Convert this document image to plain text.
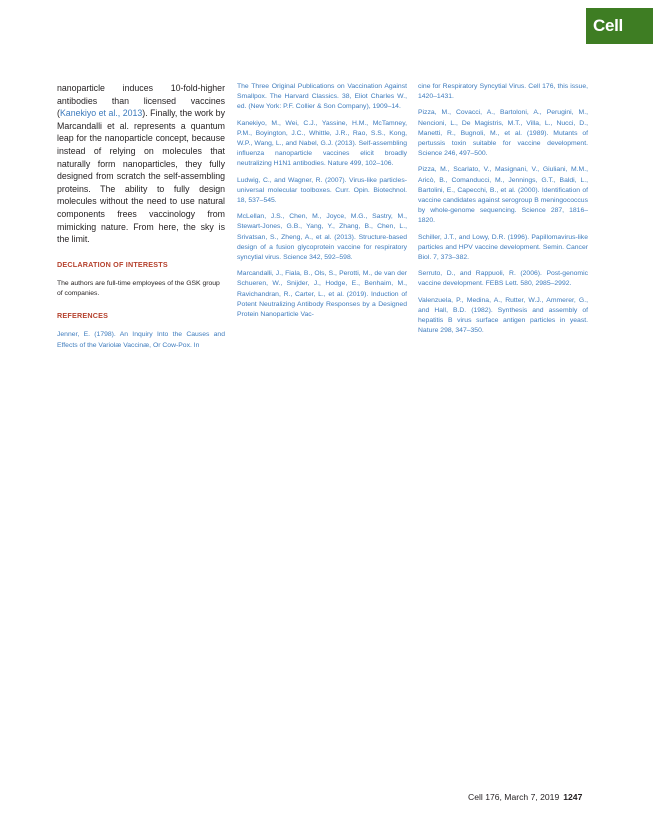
Cell

nanoparticle induces 10-fold-higher antibodies than licensed vaccines (Kanekiyo et al., 2013). Finally, the work by Marcandalli et al. represents a quantum leap for the nanoparticle concept, because instead of relying on molecules that naturally form nanoparticles, they fully designed from scratch the self-assembling proteins. The ability to fully design molecules without the need to use natural components frees vaccinology from mimicking nature. From here, the sky is the limit.

DECLARATION OF INTERESTS

The authors are full-time employees of the GSK group of companies.

REFERENCES

Jenner, E. (1798). An Inquiry Into the Causes and Effects of the Variolæ Vaccinæ, Or Cow-Pox. In

The Three Original Publications on Vaccination Against Smallpox. The Harvard Classics. 38, Eliot Charles W., ed. (New York: P.F. Collier & Son Company), 1909–14.

Kanekiyo, M., Wei, C.J., Yassine, H.M., McTamney, P.M., Boyington, J.C., Whittle, J.R., Rao, S.S., Kong, W.P., Wang, L., and Nabel, G.J. (2013). Self-assembling influenza nanoparticle vaccines elicit broadly neutralizing H1N1 antibodies. Nature 499, 102–106.

Ludwig, C., and Wagner, R. (2007). Virus-like particles-universal molecular toolboxes. Curr. Opin. Biotechnol. 18, 537–545.

McLellan, J.S., Chen, M., Joyce, M.G., Sastry, M., Stewart-Jones, G.B., Yang, Y., Zhang, B., Chen, L., Srivatsan, S., Zheng, A., et al. (2013). Structure-based design of a fusion glycoprotein vaccine for respiratory syncytial virus. Science 342, 592–598.

Marcandalli, J., Fiala, B., Ols, S., Perotti, M., de van der Schueren, W., Snijder, J., Hodge, E., Benhaim, M., Ravichandran, R., Carter, L., et al. (2019). Induction of Potent Neutralizing Antibody Responses by a Designed Protein Nanoparticle Vac-

cine for Respiratory Syncytial Virus. Cell 176, this issue, 1420–1431.

Pizza, M., Covacci, A., Bartoloni, A., Perugini, M., Nencioni, L., De Magistris, M.T., Villa, L., Nucci, D., Manetti, R., Bugnoli, M., et al. (1989). Mutants of pertussis toxin suitable for vaccine development. Science 246, 497–500.

Pizza, M., Scarlato, V., Masignani, V., Giuliani, M.M., Aricò, B., Comanducci, M., Jennings, G.T., Baldi, L., Bartolini, E., Capecchi, B., et al. (2000). Identification of vaccine candidates against serogroup B meningococcus by whole-genome sequencing. Science 287, 1816–1820.

Schiller, J.T., and Lowy, D.R. (1996). Papillomavirus-like particles and HPV vaccine development. Semin. Cancer Biol. 7, 373–382.

Serruto, D., and Rappuoli, R. (2006). Post-genomic vaccine development. FEBS Lett. 580, 2985–2992.

Valenzuela, P., Medina, A., Rutter, W.J., Ammerer, G., and Hall, B.D. (1982). Synthesis and assembly of hepatitis B virus surface antigen particles in yeast. Nature 298, 347–350.

Cell 176, March 7, 2019 1247
